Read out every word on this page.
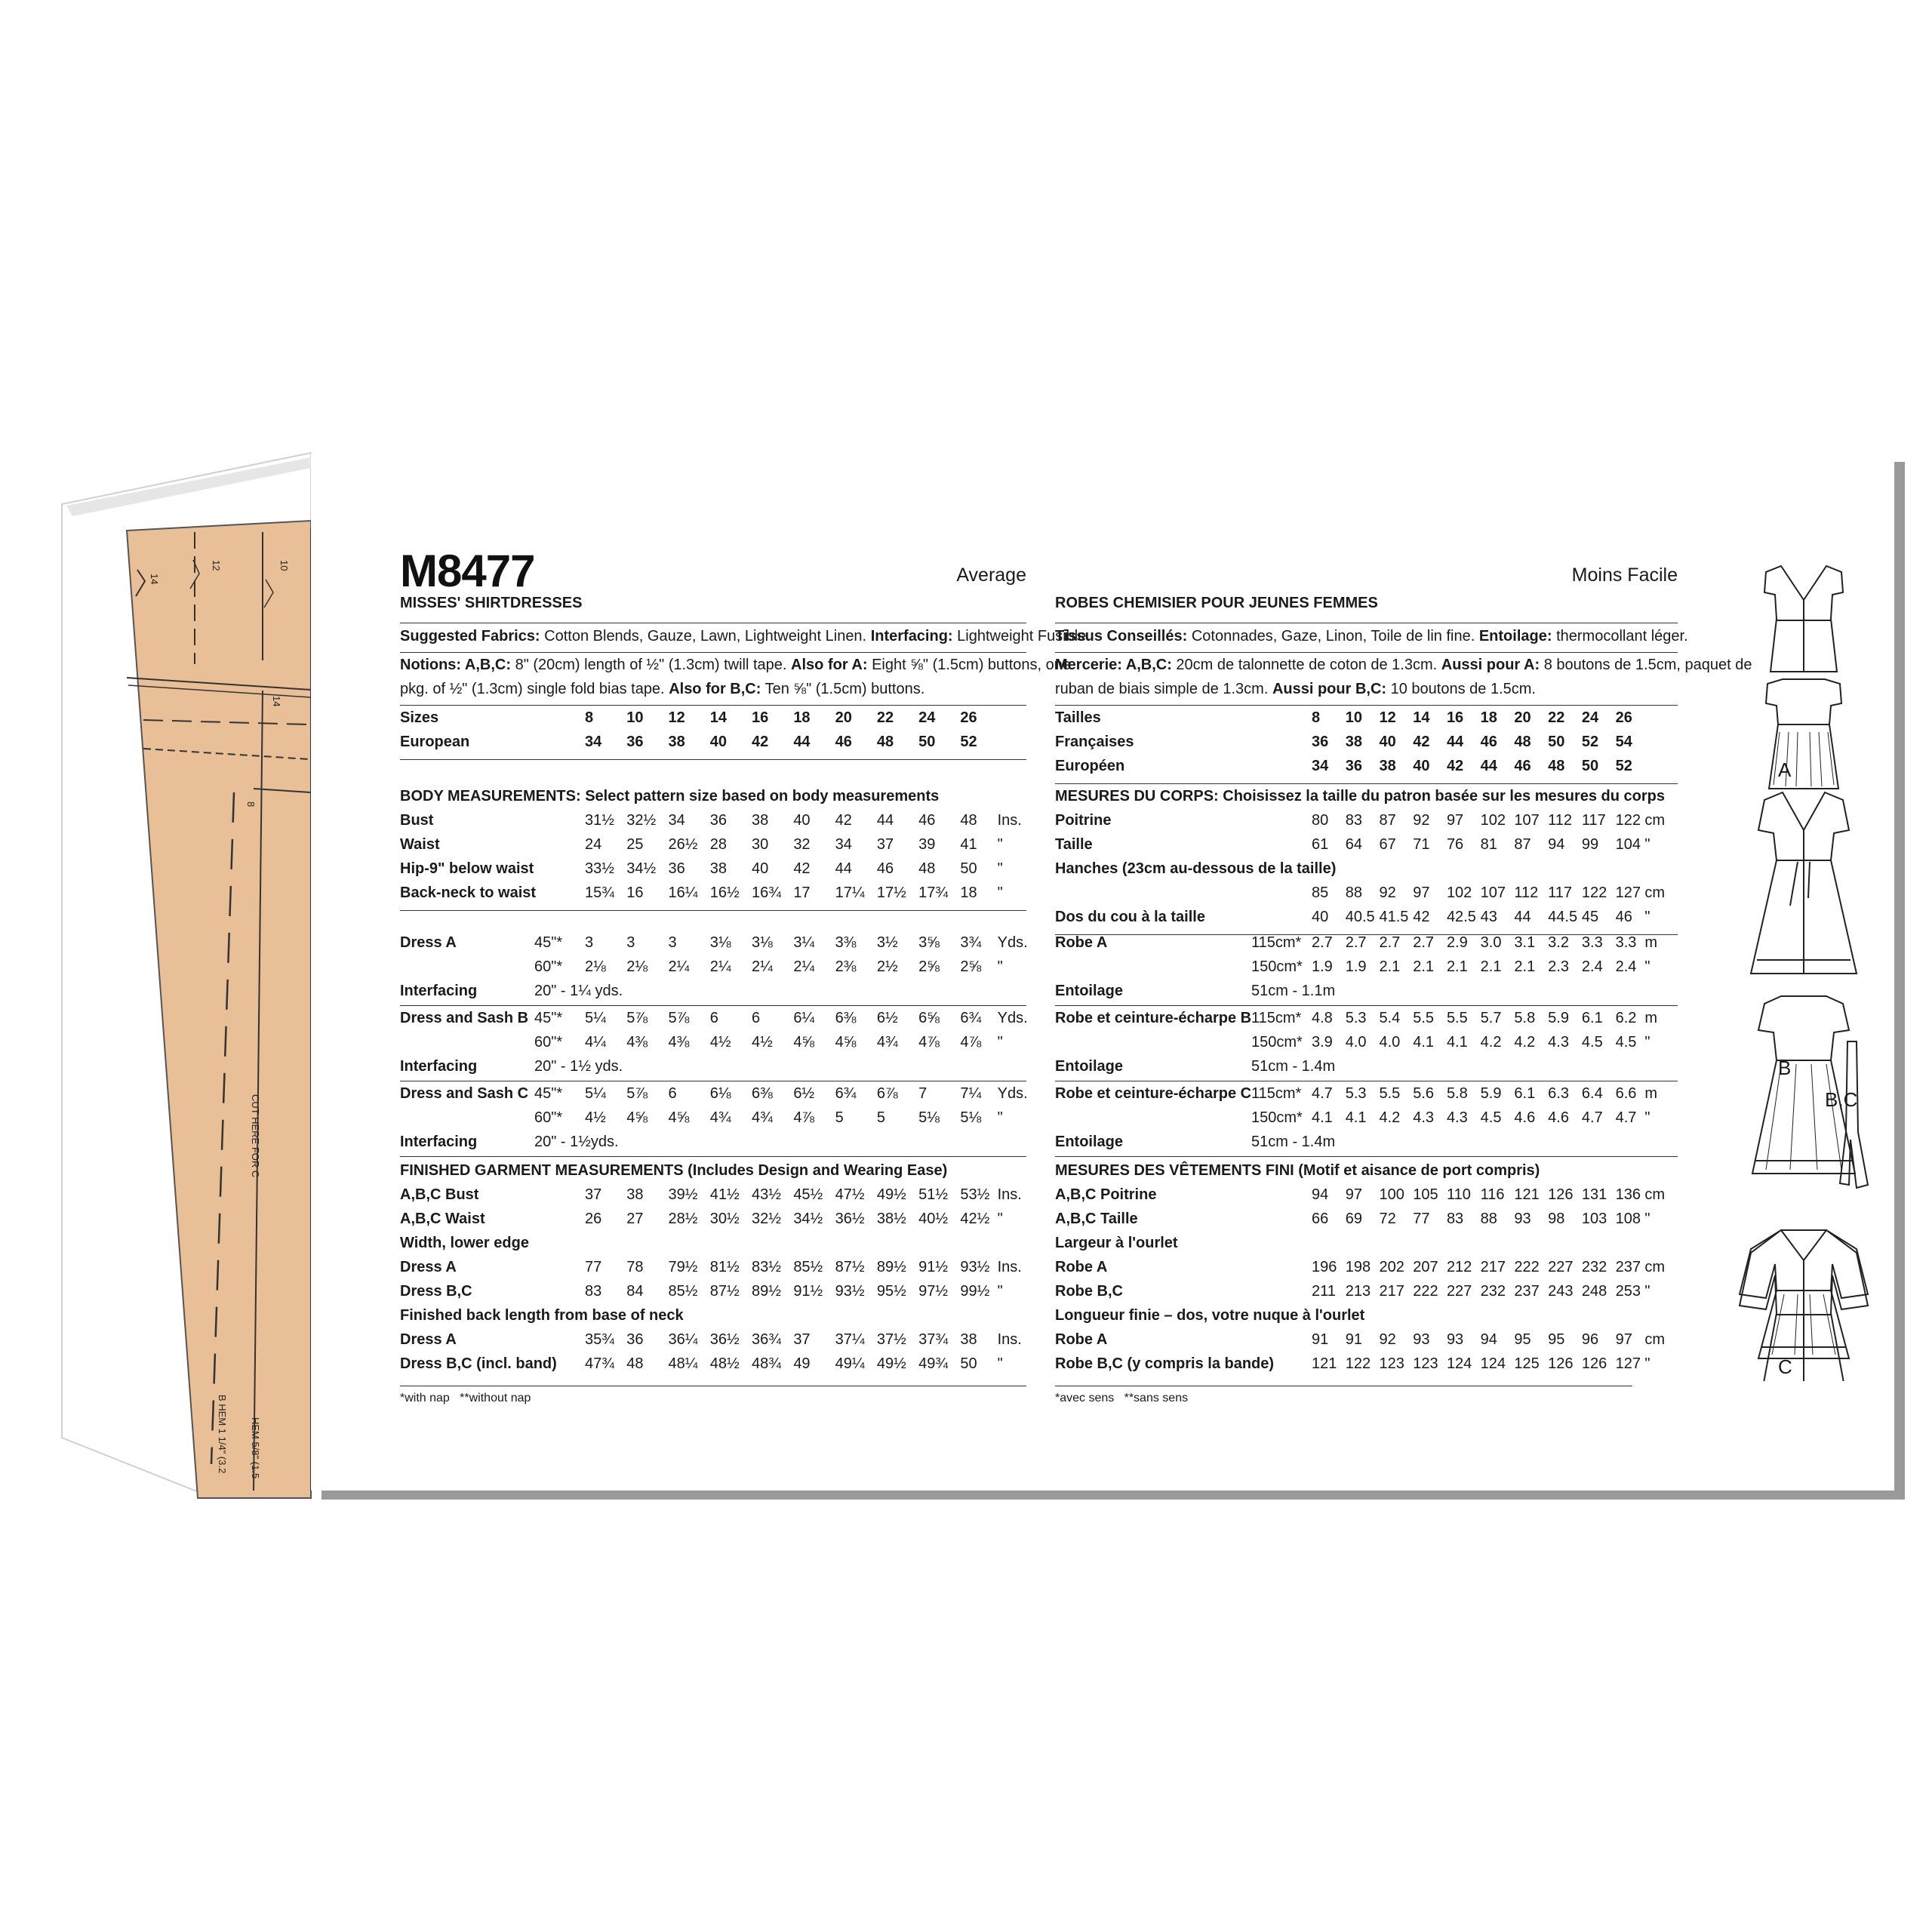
14
12	10
14
8
CUT HERE FOR C
B HEM 1 1/4" (3.2 HEM 5/8" (1.5
M8477	Average	Moins Facile
A
B
B,C
C
MISSES' SHIRTDRESSES
Suggested Fabrics: Cotton Blends, Gauze, Lawn, Lightweight Linen. Interfacing: Lightweight Fusible.
Notions: A,B,C: 8" (20cm) length of ½" (1.3cm) twill tape. Also for A: Eight ⅝" (1.5cm) buttons, one
pkg. of ½" (1.3cm) single fold bias tape. Also for B,C: Ten ⅝" (1.5cm) buttons.
Sizes	8 10 12 14 16 18 20 22 24 26
European	34 36 38 40 42 44 46 48 50 52
BODY MEASUREMENTS: Select pattern size based on body measurements
Bust	31½ 32½ 34 36 38 40 42 44 46 48 Ins.
Waist	24 25 26½ 28 30 32 34 37 39 41 "
Hip-9" below waist	33½ 34½ 36 38 40 42 44 46 48 50 "
Back-neck to waist	15¾ 16 16¼ 16½ 16¾ 17 17¼ 17½ 17¾ 18 "
Dress A	45"* 3 3 3 3⅛ 3⅛ 3¼ 3⅜ 3½ 3⅝ 3¾ Yds.
60"* 2⅛ 2⅛ 2¼ 2¼ 2¼ 2¼ 2⅜ 2½ 2⅝ 2⅝ "
Interfacing	20" - 1¼ yds.
Dress and Sash B 45"* 5¼ 5⅞ 5⅞ 6 6 6¼ 6⅜ 6½ 6⅝ 6¾ Yds.
60"* 4¼ 4⅜ 4⅜ 4½ 4½ 4⅝ 4⅝ 4¾ 4⅞ 4⅞ "
Interfacing	20" - 1½ yds.
Dress and Sash C 45"* 5¼ 5⅞ 6 6⅛ 6⅜ 6½ 6¾ 6⅞ 7 7¼ Yds.
60"* 4½ 4⅝ 4⅝ 4¾ 4¾ 4⅞ 5 5 5⅛ 5⅛ "
Interfacing	20" - 1½yds.
FINISHED GARMENT MEASUREMENTS (Includes Design and Wearing Ease)
A,B,C Bust	37 38 39½ 41½ 43½ 45½ 47½ 49½ 51½ 53½ Ins.
A,B,C Waist	26 27 28½ 30½ 32½ 34½ 36½ 38½ 40½ 42½ "
Width, lower edge
Dress A	77 78 79½ 81½ 83½ 85½ 87½ 89½ 91½ 93½ Ins.
Dress B,C	83 84 85½ 87½ 89½ 91½ 93½ 95½ 97½ 99½ "
Finished back length from base of neck
Dress A	35¾ 36 36¼ 36½ 36¾ 37 37¼ 37½ 37¾ 38 Ins.
Dress B,C (incl. band) 47¾ 48 48¼ 48½ 48¾ 49 49¼ 49½ 49¾ 50 "
*with nap   **without nap
ROBES CHEMISIER POUR JEUNES FEMMES
Tissus Conseillés: Cotonnades, Gaze, Linon, Toile de lin fine. Entoilage: thermocollant léger.
Mercerie: A,B,C: 20cm de talonnette de coton de 1.3cm. Aussi pour A: 8 boutons de 1.5cm, paquet de
ruban de biais simple de 1.3cm. Aussi pour B,C: 10 boutons de 1.5cm.
Tailles	8 10 12 14 16 18 20 22 24 26
Françaises	36 38 40 42 44 46 48 50 52 54
Européen	34 36 38 40 42 44 46 48 50 52
MESURES DU CORPS: Choisissez la taille du patron basée sur les mesures du corps
Poitrine	80 83 87 92 97 102 107 112 117 122 cm
Taille	61 64 67 71 76 81 87 94 99 104 "
Hanches (23cm au-dessous de la taille)
85 88 92 97 102 107 112 117 122 127 cm
Dos du cou à la taille	40 40.5 41.5 42 42.5 43 44 44.5 45 46 "
Robe A	115cm* 2.7 2.7 2.7 2.7 2.9 3.0 3.1 3.2 3.3 3.3 m
150cm* 1.9 1.9 2.1 2.1 2.1 2.1 2.1 2.3 2.4 2.4 "
Entoilage	51cm - 1.1m
Robe et ceinture-écharpe B 115cm* 4.8 5.3 5.4 5.5 5.5 5.7 5.8 5.9 6.1 6.2 m
150cm* 3.9 4.0 4.0 4.1 4.1 4.2 4.2 4.3 4.5 4.5 "
Entoilage	51cm - 1.4m
Robe et ceinture-écharpe C 115cm* 4.7 5.3 5.5 5.6 5.8 5.9 6.1 6.3 6.4 6.6 m
150cm* 4.1 4.1 4.2 4.3 4.3 4.5 4.6 4.6 4.7 4.7 "
Entoilage	51cm - 1.4m
MESURES DES VÊTEMENTS FINI (Motif et aisance de port compris)
A,B,C Poitrine	94 97 100 105 110 116 121 126 131 136 cm
A,B,C Taille	66 69 72 77 83 88 93 98 103 108 "
Largeur à l'ourlet
Robe A	196 198 202 207 212 217 222 227 232 237 cm
Robe B,C	211 213 217 222 227 232 237 243 248 253 "
Longueur finie – dos, votre nuque à l'ourlet
Robe A	91 91 92 93 93 94 95 95 96 97 cm
Robe B,C (y compris la bande) 121 122 123 123 124 124 125 126 126 127 "
*avec sens   **sans sens
